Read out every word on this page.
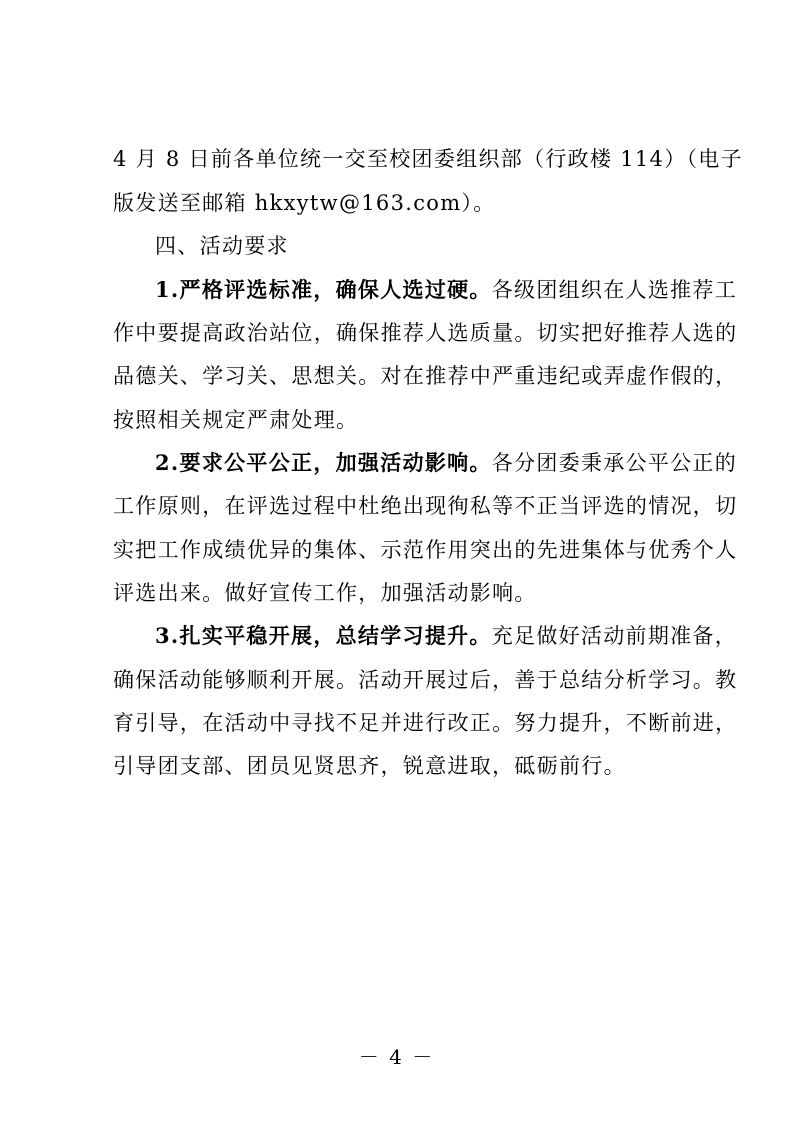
4 月 8 日前各单位统一交至校团委组织部（行政楼 114）（电子
版发送至邮箱 hkxytw@163.com）。
四、活动要求
1.严格评选标准，确保人选过硬。各级团组织在人选推荐工
作中要提高政治站位，确保推荐人选质量。切实把好推荐人选的
品德关、学习关、思想关。对在推荐中严重违纪或弄虚作假的，
按照相关规定严肃处理。
2.要求公平公正，加强活动影响。各分团委秉承公平公正的
工作原则，在评选过程中杜绝出现徇私等不正当评选的情况，切
实把工作成绩优异的集体、示范作用突出的先进集体与优秀个人
评选出来。做好宣传工作，加强活动影响。
3.扎实平稳开展，总结学习提升。充足做好活动前期准备，
确保活动能够顺利开展。活动开展过后，善于总结分析学习。教
育引导，在活动中寻找不足并进行改正。努力提升，不断前进，
引导团支部、团员见贤思齐，锐意进取，砥砺前行。
－ 4 －
